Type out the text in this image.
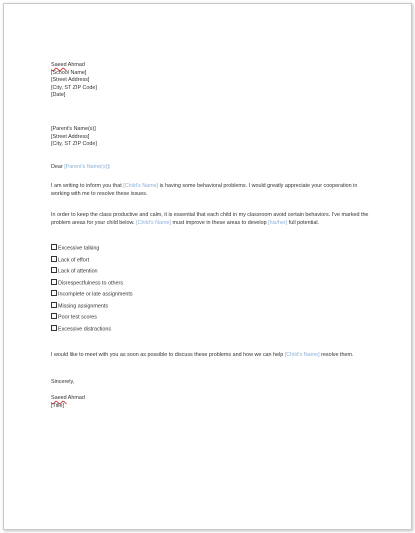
Saeed Ahmad
[School Name]
[Street Address]
[City, ST ZIP Code]
[Date]
[Parent's Name(s)]
[Street Address]
[City, ST ZIP Code]
Dear [Parent's Name(s)]:
I am writing to inform you that [Child's Name] is having some behavioral problems. I would greatly appreciate your cooperation in working with me to resolve these issues.
In order to keep the class productive and calm, it is essential that each child in my classroom avoid certain behaviors. I've marked the problem areas for your child below. [Child's Name] must improve in these areas to develop [his/her] full potential.
Excessive talking
Lack of effort
Lack of attention
Disrespectfulness to others
Incomplete or late assignments
Missing assignments
Poor test scores
Excessive distractions
I would like to meet with you as soon as possible to discuss these problems and how we can help [Child's Name] resolve them.
Sincerely,
Saeed Ahmad
[Title]
